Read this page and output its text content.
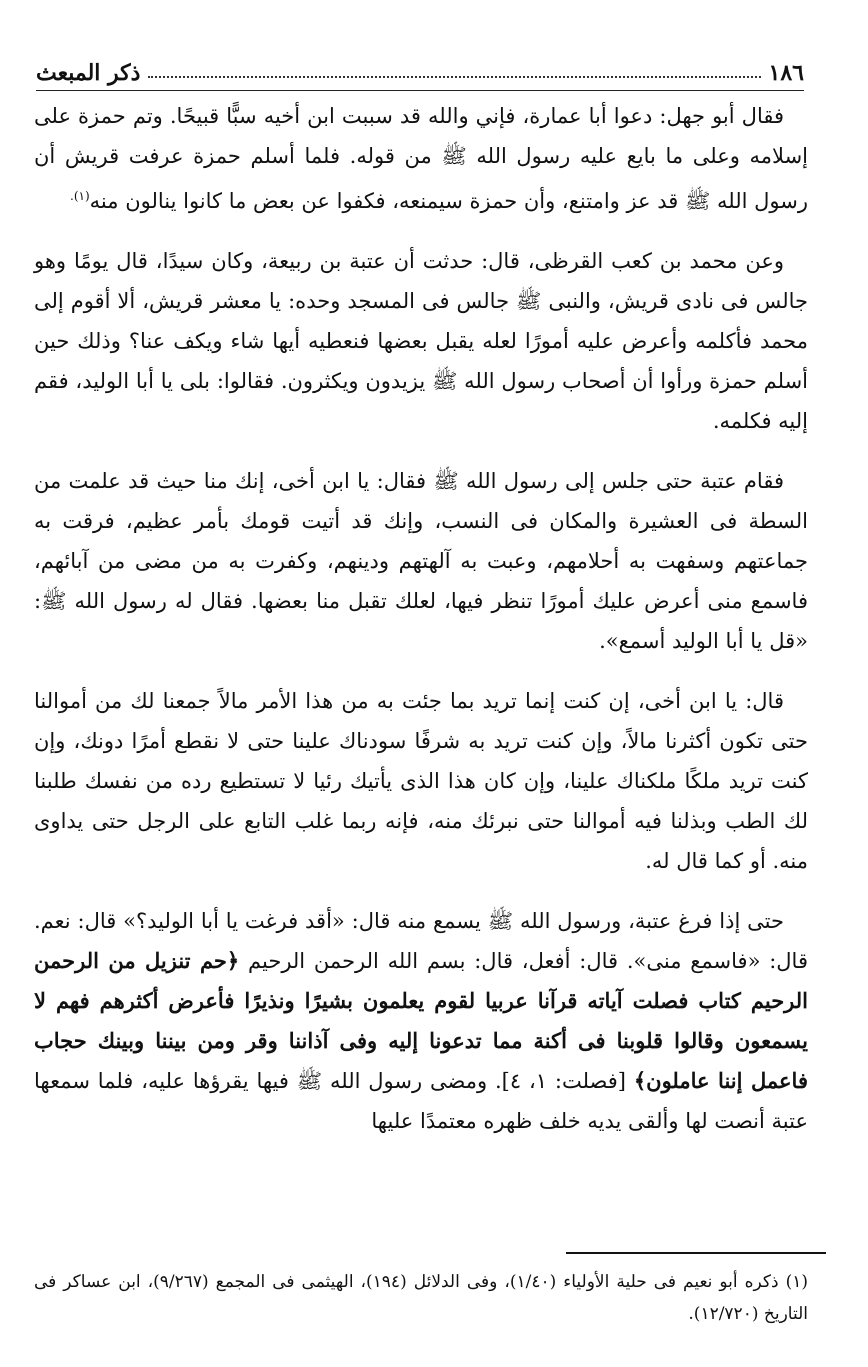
١٨٦
ذكر المبعث

فقال أبو جهل: دعوا أبا عمارة، فإني والله قد سببت ابن أخيه سبًّا قبيحًا. وتم حمزة على إسلامه وعلى ما بايع عليه رسول الله ﷺ من قوله. فلما أسلم حمزة عرفت قريش أن رسول الله ﷺ قد عز وامتنع، وأن حمزة سيمنعه، فكفوا عن بعض ما كانوا ينالون منه$^{(١).}$

وعن محمد بن كعب القرظى، قال: حدثت أن عتبة بن ربيعة، وكان سيدًا، قال يومًا وهو جالس فى نادى قريش، والنبى ﷺ جالس فى المسجد وحده: يا معشر قريش، ألا أقوم إلى محمد فأكلمه وأعرض عليه أمورًا لعله يقبل بعضها فنعطيه أيها شاء ويكف عنا؟ وذلك حين أسلم حمزة ورأوا أن أصحاب رسول الله ﷺ يزيدون ويكثرون. فقالوا: بلى يا أبا الوليد، فقم إليه فكلمه.

فقام عتبة حتى جلس إلى رسول الله ﷺ فقال: يا ابن أخى، إنك منا حيث قد علمت من السطة فى العشيرة والمكان فى النسب، وإنك قد أتيت قومك بأمر عظيم، فرقت به جماعتهم وسفهت به أحلامهم، وعبت به آلهتهم ودينهم، وكفرت به من مضى من آبائهم، فاسمع منى أعرض عليك أمورًا تنظر فيها، لعلك تقبل منا بعضها. فقال له رسول الله ﷺ: «قل يا أبا الوليد أسمع».

قال: يا ابن أخى، إن كنت إنما تريد بما جئت به من هذا الأمر مالاً جمعنا لك من أموالنا حتى تكون أكثرنا مالاً، وإن كنت تريد به شرفًا سودناك علينا حتى لا نقطع أمرًا دونك، وإن كنت تريد ملكًا ملكناك علينا، وإن كان هذا الذى يأتيك رئيا لا تستطيع رده من نفسك طلبنا لك الطب وبذلنا فيه أموالنا حتى نبرئك منه، فإنه ربما غلب التابع على الرجل حتى يداوى منه. أو كما قال له.

حتى إذا فرغ عتبة، ورسول الله ﷺ يسمع منه قال: «أقد فرغت يا أبا الوليد؟» قال: نعم. قال: «فاسمع منى». قال: أفعل، قال: بسم الله الرحمن الرحيم ﴿حم تنزيل من الرحمن الرحيم كتاب فصلت آياته قرآنا عربيا لقوم يعلمون بشيرًا ونذيرًا فأعرض أكثرهم فهم لا يسمعون وقالوا قلوبنا فى أكنة مما تدعونا إليه وفى آذاننا وقر ومن بيننا وبينك حجاب فاعمل إننا عاملون﴾ [فصلت: ١، ٤]. ومضى رسول الله ﷺ فيها يقرؤها عليه، فلما سمعها عتبة أنصت لها وألقى يديه خلف ظهره معتمدًا عليها

(١) ذكره أبو نعيم فى حلية الأولياء (١/٤٠)، وفى الدلائل (١٩٤)، الهيثمى فى المجمع (٩/٢٦٧)، ابن عساكر فى التاريخ (١٢/٧٢٠).
